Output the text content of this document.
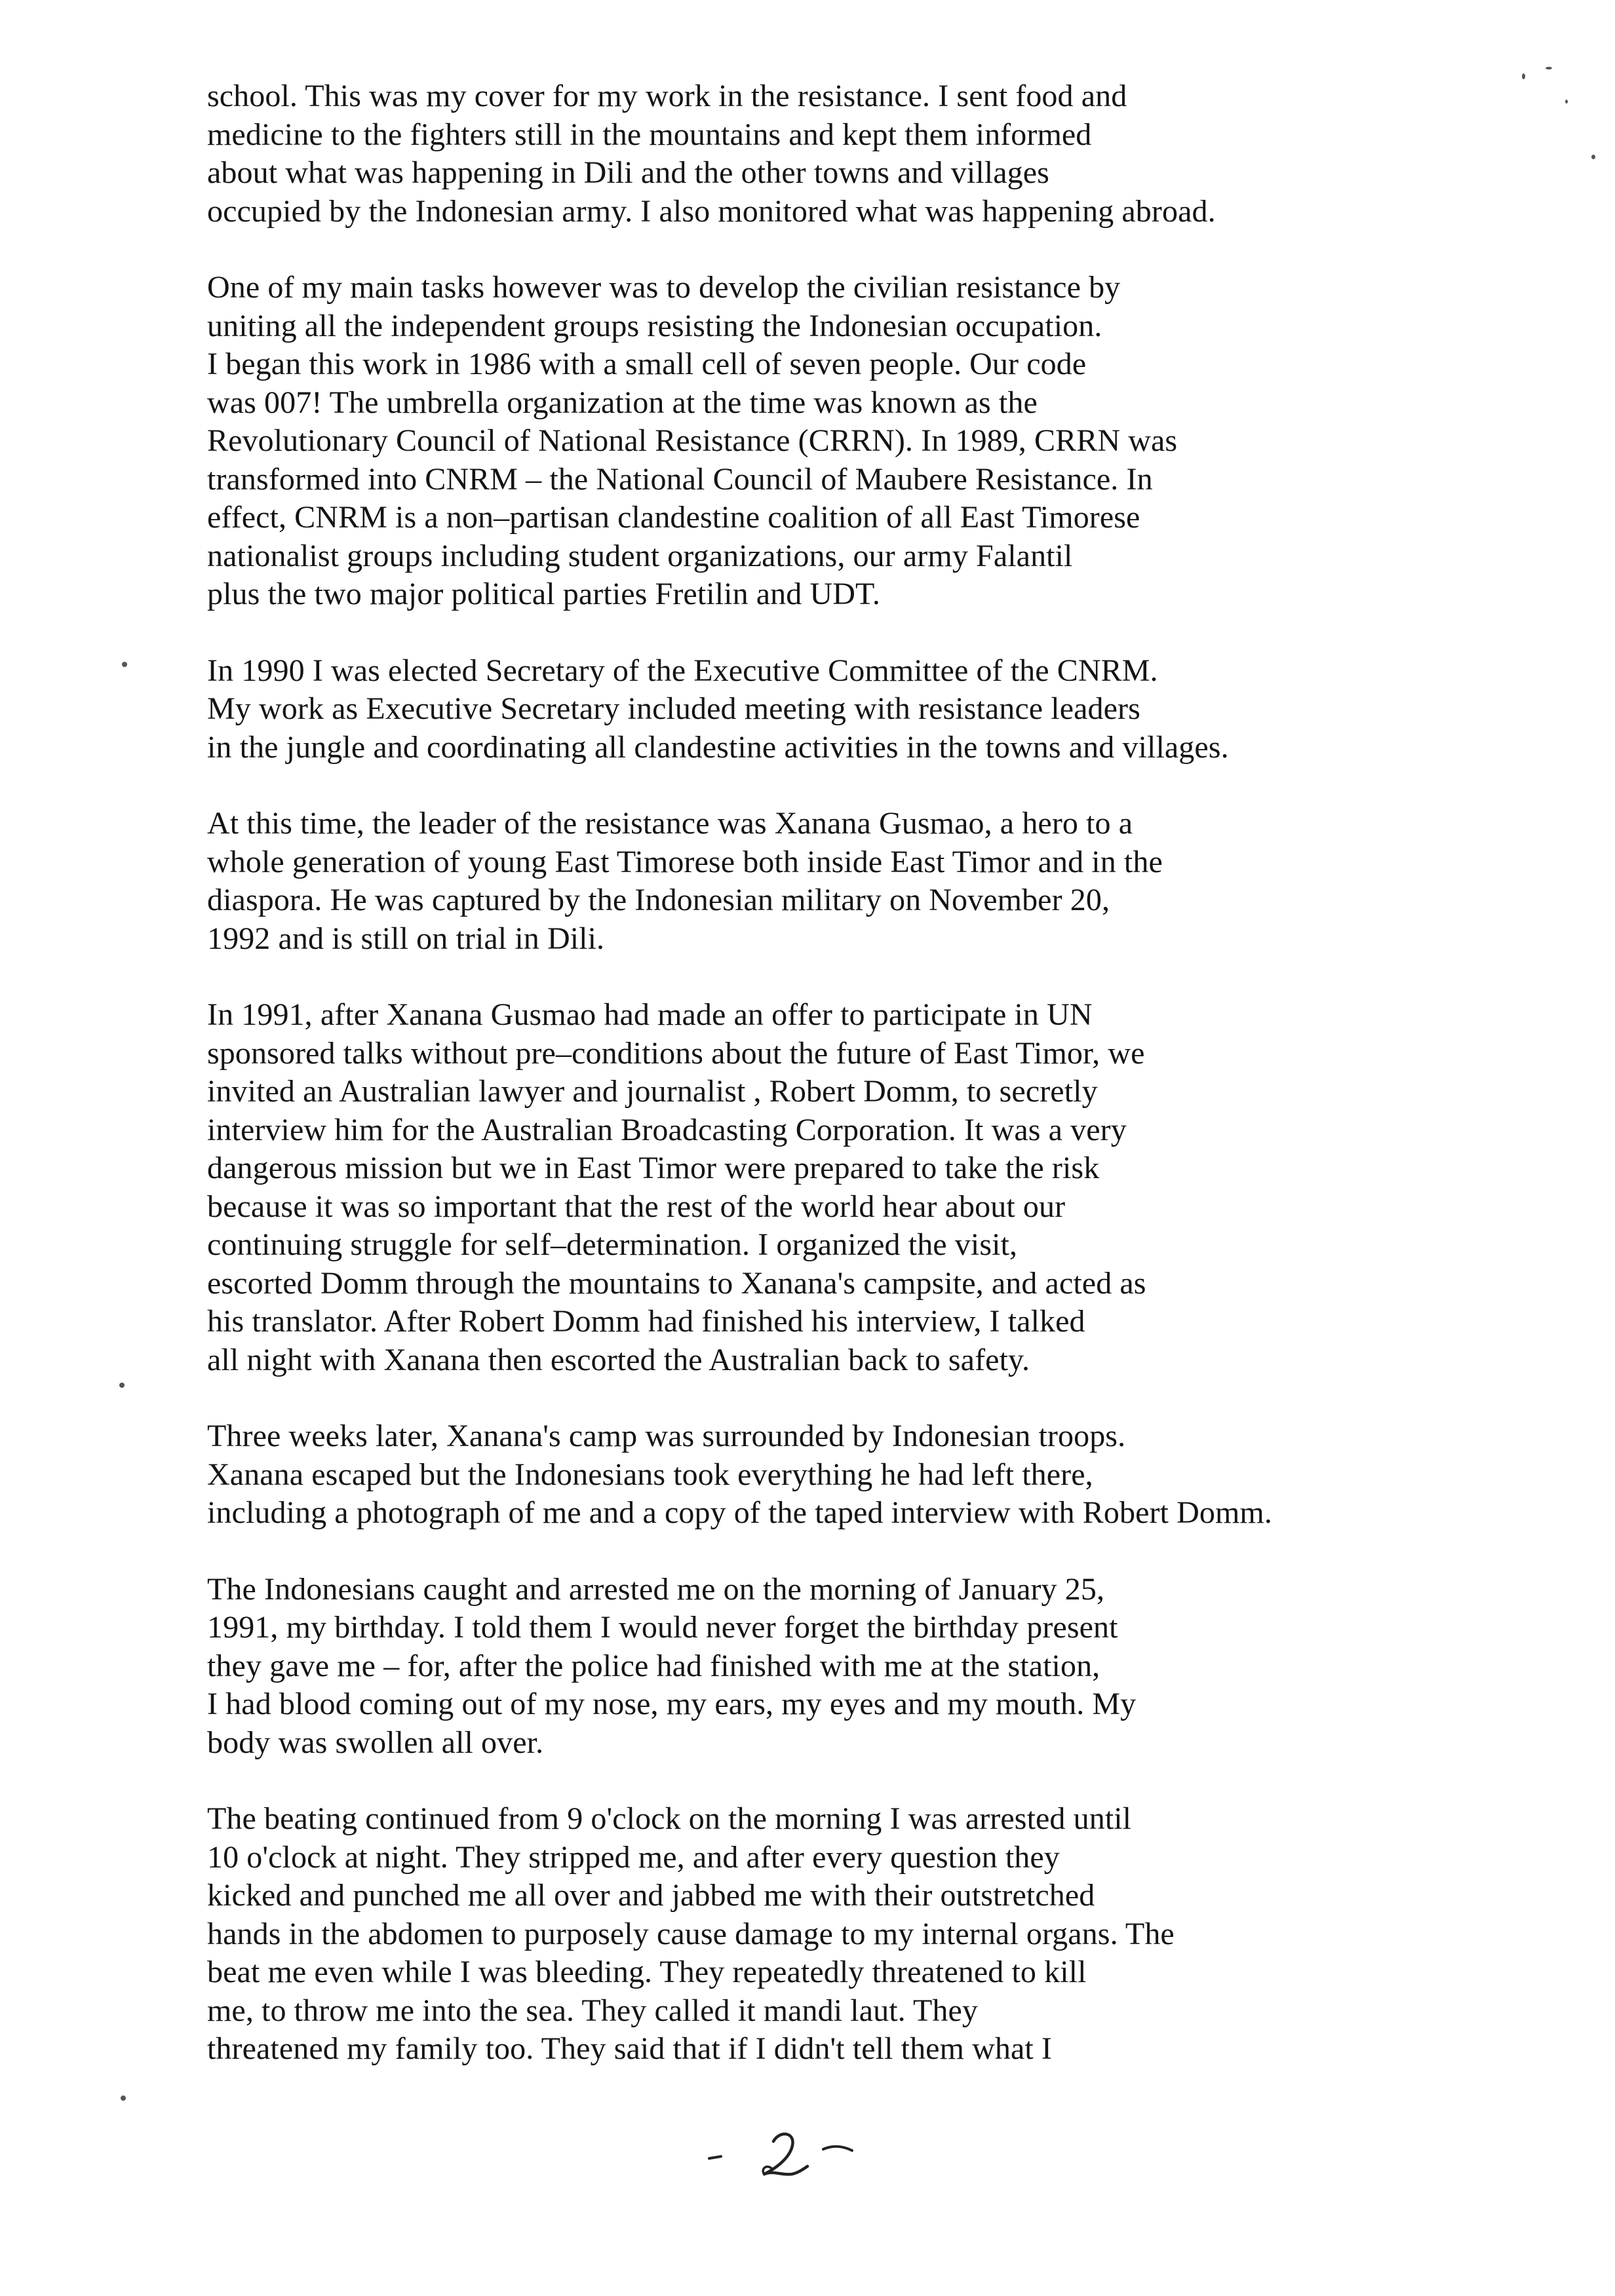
school. This was my cover for my work in the resistance. I sent food and
medicine to the fighters still in the mountains and kept them informed
about what was happening in Dili and the other towns and villages
occupied by the Indonesian army. I also monitored what was happening abroad.
One of my main tasks however was to develop the civilian resistance by
uniting all the independent groups resisting the Indonesian occupation.
I began this work in 1986 with a small cell of seven people. Our code
was 007! The umbrella organization at the time was known as the
Revolutionary Council of National Resistance (CRRN). In 1989, CRRN was
transformed into CNRM – the National Council of Maubere Resistance. In
effect, CNRM is a non–partisan clandestine coalition of all East Timorese
nationalist groups including student organizations, our army Falantil
plus the two major political parties Fretilin and UDT.
In 1990 I was elected Secretary of the Executive Committee of the CNRM.
My work as Executive Secretary included meeting with resistance leaders
in the jungle and coordinating all clandestine activities in the towns and villages.
At this time, the leader of the resistance was Xanana Gusmao, a hero to a
whole generation of young East Timorese both inside East Timor and in the
diaspora. He was captured by the Indonesian military on November 20,
1992 and is still on trial in Dili.
In 1991, after Xanana Gusmao had made an offer to participate in UN
sponsored talks without pre–conditions about the future of East Timor, we
invited an Australian lawyer and journalist , Robert Domm, to secretly
interview him for the Australian Broadcasting Corporation. It was a very
dangerous mission but we in East Timor were prepared to take the risk
because it was so important that the rest of the world hear about our
continuing struggle for self–determination. I organized the visit,
escorted Domm through the mountains to Xanana's campsite, and acted as
his translator. After Robert Domm had finished his interview, I talked
all night with Xanana then escorted the Australian back to safety.
Three weeks later, Xanana's camp was surrounded by Indonesian troops.
Xanana escaped but the Indonesians took everything he had left there,
including a photograph of me and a copy of the taped interview with Robert Domm.
The Indonesians caught and arrested me on the morning of January 25,
1991, my birthday. I told them I would never forget the birthday present
they gave me – for, after the police had finished with me at the station,
I had blood coming out of my nose, my ears, my eyes and my mouth. My
body was swollen all over.
The beating continued from 9 o'clock on the morning I was arrested until
10 o'clock at night. They stripped me, and after every question they
kicked and punched me all over and jabbed me with their outstretched
hands in the abdomen to purposely cause damage to my internal organs. The
beat me even while I was bleeding. They repeatedly threatened to kill
me, to throw me into the sea. They called it mandi laut. They
threatened my family too. They said that if I didn't tell them what I
